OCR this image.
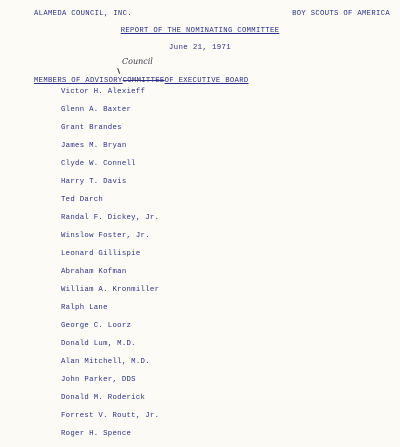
ALAMEDA COUNCIL, INC.	BOY SCOUTS OF AMERICA
REPORT OF THE NOMINATING COMMITTEE
June 21, 1971
Council
MEMBERS OF ADVISORYCOMMITTEEOF EXECUTIVE BOARD
Victor H. Alexieff
Glenn A. Baxter
Grant Brandes
James M. Bryan
Clyde W. Connell
Harry T. Davis
Ted Darch
Randal F. Dickey, Jr.
Winslow Foster, Jr.
Leonard Gillispie
Abraham Kofman
William A. Kronmiller
Ralph Lane
George C. Loorz
Donald Lum, M.D.
Alan Mitchell, M.D.
John Parker, DDS
Donald M. Roderick
Forrest V. Routt, Jr.
Roger H. Spence
